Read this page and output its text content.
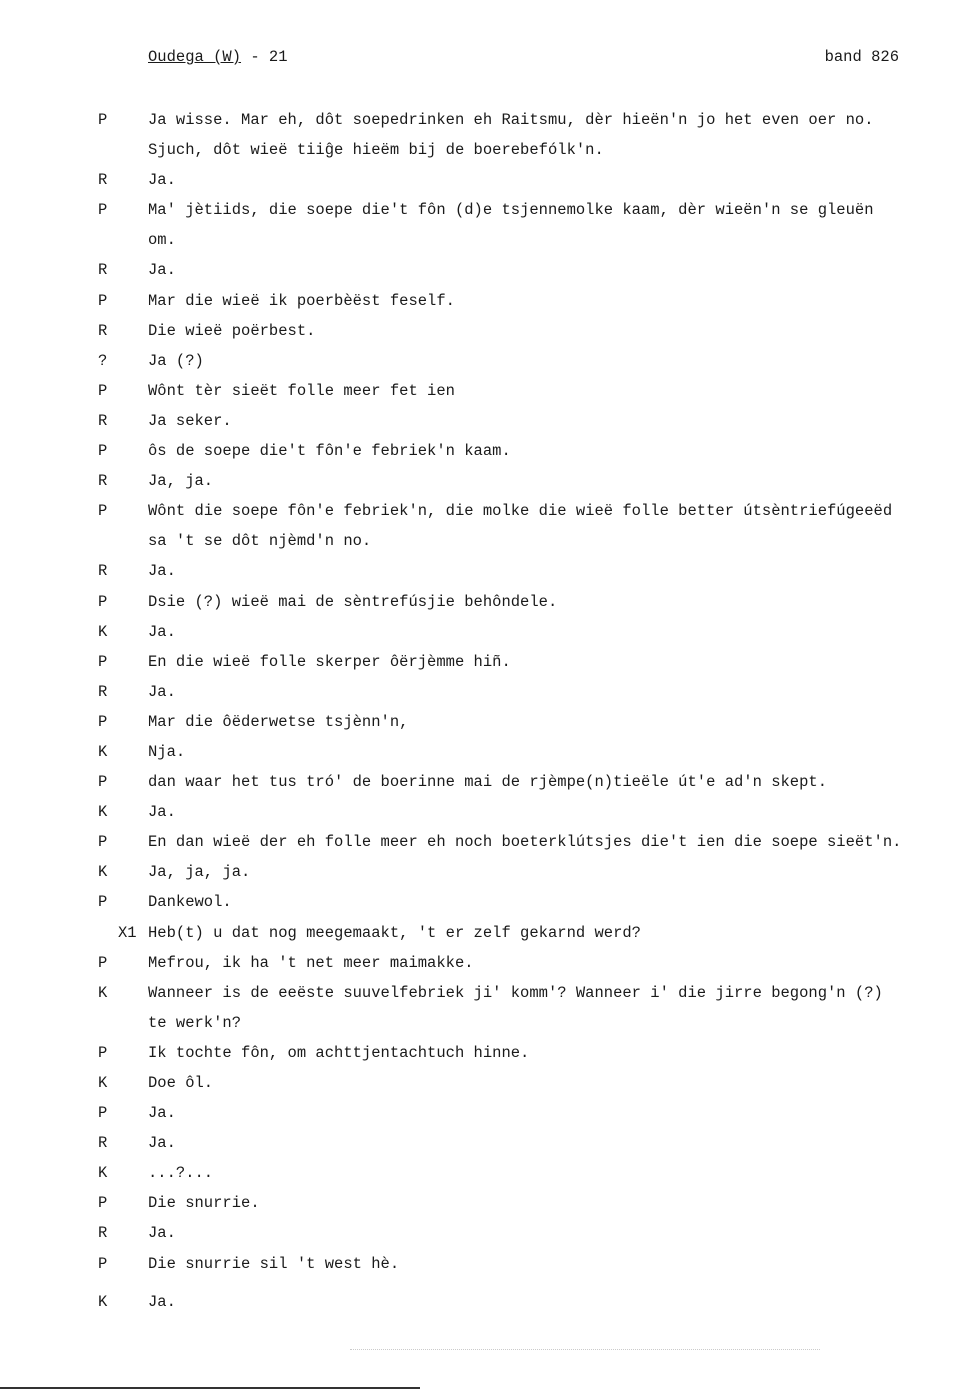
Oudega (W) - 21	band 826
P	Ja wisse. Mar eh, dôt soepedrinken eh Raitsmu, dèr hieën'n jo het even oer no.
Sjuch, dôt wieë tiiĝe hieëm bij de boerebefólk'n.
R	Ja.
P	Ma' jètiids, die soepe die't fôn (d)e tsjennemolke kaam, dèr wieën'n se gleuën
om.
R	Ja.
P	Mar die wieë ik poerbèëst feself.
R	Die wieë poërbest.
?	Ja (?)
P	Wônt tèr sieët folle meer fet ien
R	Ja seker.
P	ôs de soepe die't fôn'e febriek'n kaam.
R	Ja, ja.
P	Wônt die soepe fôn'e febriek'n, die molke die wieë folle better útsèntriefúgeeëd
sa 't se dôt njèmd'n no.
R	Ja.
P	Dsie (?) wieë mai de sèntrefúsjie behôndele.
K	Ja.
P	En die wieë folle skerper ôërjèmme hiñ.
R	Ja.
P	Mar die ôëderwetse tsjènn'n,
K	Nja.
P	dan waar het tus tró' de boerinne mai de rjèmpe(n)tieële út'e ad'n skept.
K	Ja.
P	En dan wieë der eh folle meer eh noch boeterklútsjes die't ien die soepe sieët'n.
K	Ja, ja, ja.
P	Dankewol.
X1 Heb(t) u dat nog meegemaakt, 't er zelf gekarnd werd?
P	Mefrou, ik ha 't net meer maimakke.
K	Wanneer is de eeëste suuvelfebriek ji' komm'? Wanneer i' die jirre begong'n (?)
te werk'n?
P	Ik tochte fôn, om achttjentachtuch hinne.
K	Doe ôl.
P	Ja.
R	Ja.
K	...?...
P	Die snurrie.
R	Ja.
P	Die snurrie sil 't west hè.
K	Ja.
